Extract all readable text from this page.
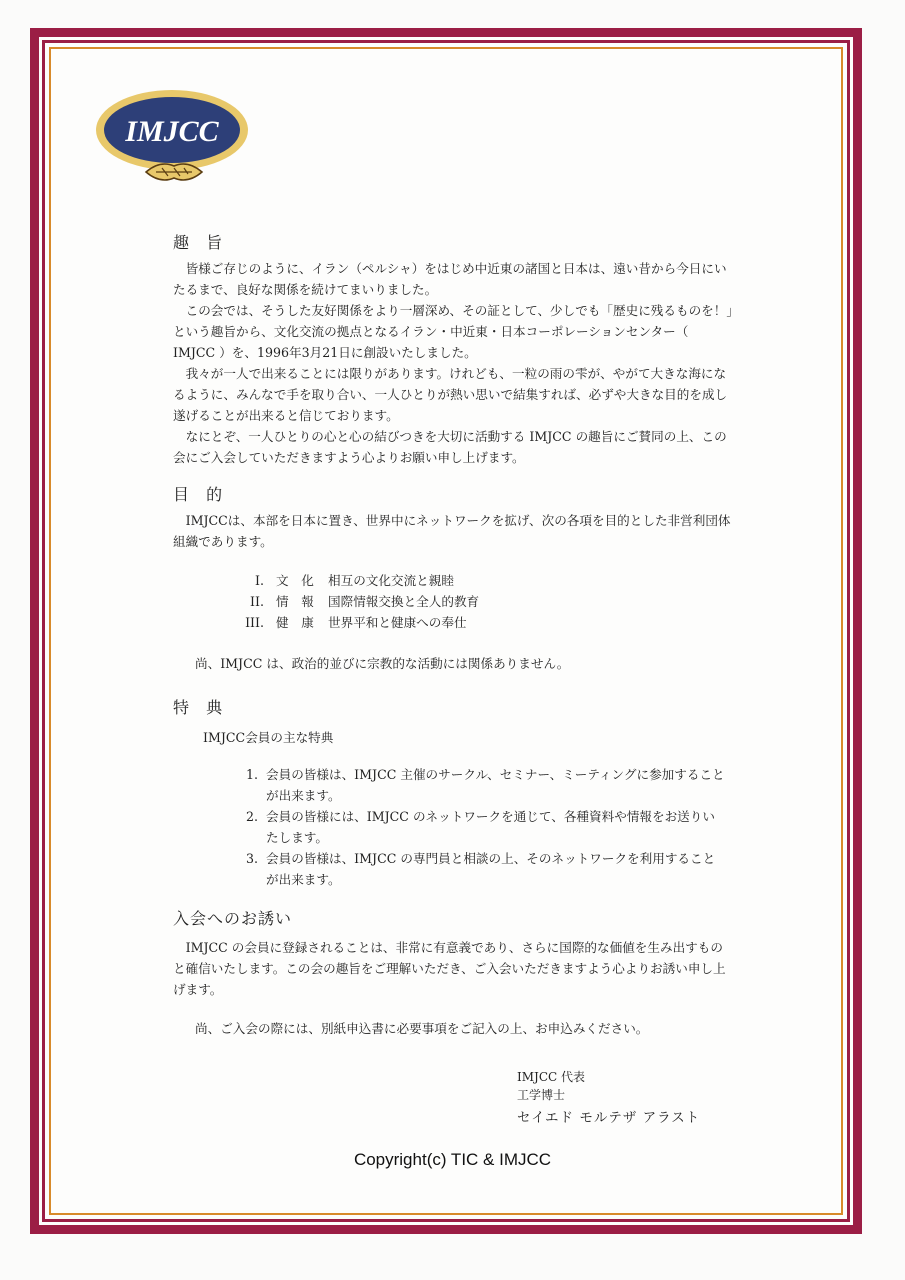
IMJCC
趣 旨

皆様ご存じのように、イラン（ペルシャ）をはじめ中近東の諸国と日本は、遠い昔から今日にいたるまで、良好な関係を続けてまいりました。

この会では、そうした友好関係をより一層深め、その証として、少しでも「歴史に残るものを！」という趣旨から、文化交流の拠点となるイラン・中近東・日本コーポレーションセンター（ IMJCC ）を、1996年3月21日に創設いたしました。

我々が一人で出来ることには限りがあります。けれども、一粒の雨の雫が、やがて大きな海になるように、みんなで手を取り合い、一人ひとりが熱い思いで結集すれば、必ずや大きな目的を成し遂げることが出来ると信じております。

なにとぞ、一人ひとりの心と心の結びつきを大切に活動する IMJCC の趣旨にご賛同の上、この会にご入会していただきますよう心よりお願い申し上げます。

目 的

IMJCCは、本部を日本に置き、世界中にネットワークを拡げ、次の各項を目的とした非営利団体組織であります。

I. 文　化 相互の文化交流と親睦
II. 情　報 国際情報交換と全人的教育
III. 健　康 世界平和と健康への奉仕
尚、IMJCC は、政治的並びに宗教的な活動には関係ありません。
特 典
IMJCC会員の主な特典
1. 会員の皆様は、IMJCC 主催のサークル、セミナー、ミーティングに参加することが出来ます。
2. 会員の皆様には、IMJCC のネットワークを通じて、各種資料や情報をお送りいたします。
3. 会員の皆様は、IMJCC の専門員と相談の上、そのネットワークを利用することが出来ます。
入会へのお誘い

IMJCC の会員に登録されることは、非常に有意義であり、さらに国際的な価値を生み出すものと確信いたします。この会の趣旨をご理解いただき、ご入会いただきますよう心よりお誘い申し上げます。

尚、ご入会の際には、別紙申込書に必要事項をご記入の上、お申込みください。
IMJCC 代表
工学博士
セイエド モルテザ アラスト
Copyright(c) TIC & IMJCC
